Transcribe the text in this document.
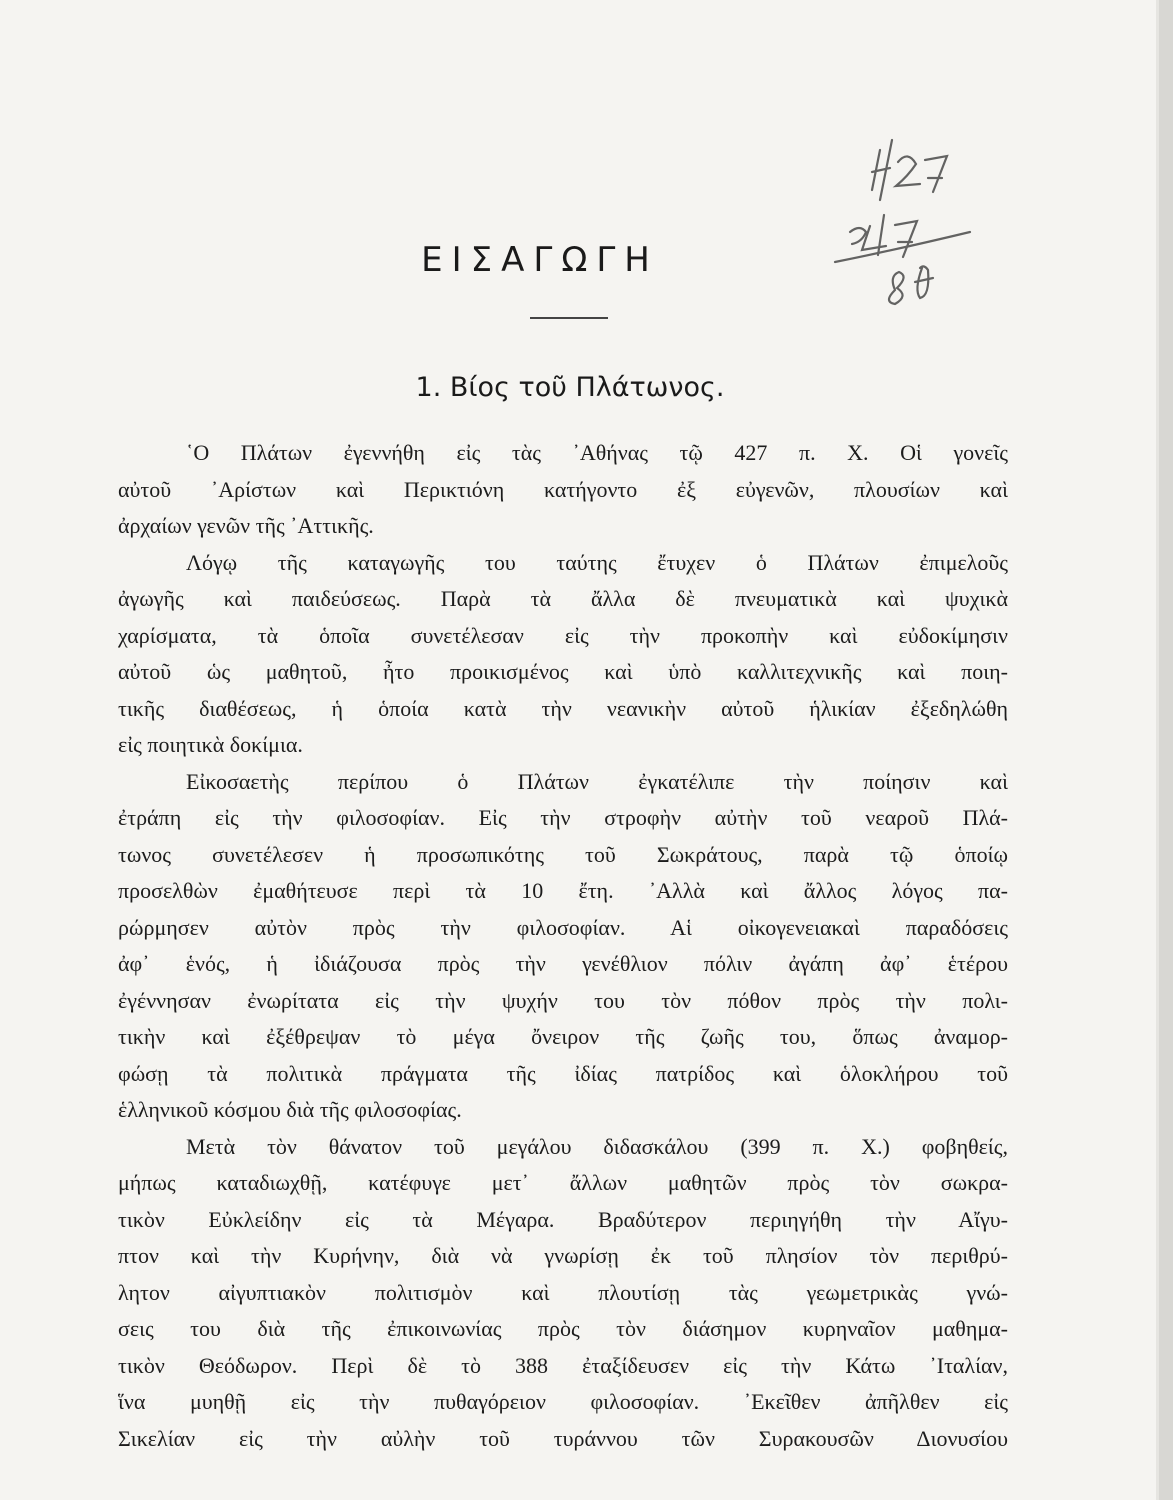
ΕΙΣΑΓΩΓΗ
1. Βίος τοῦ Πλάτωνος.
῾Ο Πλάτων ἐγεννήθη εἰς τὰς ᾿Αθήνας τῷ 427 π. Χ. Οἱ γονεῖς
αὐτοῦ ᾿Αρίστων καὶ Περικτιόνη κατήγοντο ἐξ εὐγενῶν, πλουσίων καὶ
ἀρχαίων γενῶν τῆς ᾿Αττικῆς.
Λόγῳ τῆς καταγωγῆς του ταύτης ἔτυχεν ὁ Πλάτων ἐπιμελοῦς
ἀγωγῆς καὶ παιδεύσεως. Παρὰ τὰ ἄλλα δὲ πνευματικὰ καὶ ψυχικὰ
χαρίσματα, τὰ ὁποῖα συνετέλεσαν εἰς τὴν προκοπὴν καὶ εὐδοκίμησιν
αὐτοῦ ὡς μαθητοῦ, ἦτο προικισμένος καὶ ὑπὸ καλλιτεχνικῆς καὶ ποιη-
τικῆς διαθέσεως, ἡ ὁποία κατὰ τὴν νεανικὴν αὐτοῦ ἡλικίαν ἐξεδηλώθη
εἰς ποιητικὰ δοκίμια.
Εἰκοσαετὴς περίπου ὁ Πλάτων ἐγκατέλιπε τὴν ποίησιν καὶ
ἐτράπη εἰς τὴν φιλοσοφίαν. Εἰς τὴν στροφὴν αὐτὴν τοῦ νεαροῦ Πλά-
τωνος συνετέλεσεν ἡ προσωπικότης τοῦ Σωκράτους, παρὰ τῷ ὁποίῳ
προσελθὼν ἐμαθήτευσε περὶ τὰ 10 ἔτη. ᾿Αλλὰ καὶ ἄλλος λόγος πα-
ρώρμησεν αὐτὸν πρὸς τὴν φιλοσοφίαν. Αἱ οἰκογενειακαὶ παραδόσεις
ἀφ᾿ ἑνός, ἡ ἰδιάζουσα πρὸς τὴν γενέθλιον πόλιν ἀγάπη ἀφ᾿ ἑτέρου
ἐγέννησαν ἐνωρίτατα εἰς τὴν ψυχήν του τὸν πόθον πρὸς τὴν πολι-
τικὴν καὶ ἐξέθρεψαν τὸ μέγα ὄνειρον τῆς ζωῆς του, ὅπως ἀναμορ-
φώσῃ τὰ πολιτικὰ πράγματα τῆς ἰδίας πατρίδος καὶ ὁλοκλήρου τοῦ
ἑλληνικοῦ κόσμου διὰ τῆς φιλοσοφίας.
Μετὰ τὸν θάνατον τοῦ μεγάλου διδασκάλου (399 π. Χ.) φοβηθείς,
μήπως καταδιωχθῇ, κατέφυγε μετ᾿ ἄλλων μαθητῶν πρὸς τὸν σωκρα-
τικὸν Εὐκλείδην εἰς τὰ Μέγαρα. Βραδύτερον περιηγήθη τὴν Αἴγυ-
πτον καὶ τὴν Κυρήνην, διὰ νὰ γνωρίσῃ ἐκ τοῦ πλησίον τὸν περιθρύ-
λητον αἰγυπτιακὸν πολιτισμὸν καὶ πλουτίσῃ τὰς γεωμετρικὰς γνώ-
σεις του διὰ τῆς ἐπικοινωνίας πρὸς τὸν διάσημον κυρηναῖον μαθημα-
τικὸν Θεόδωρον. Περὶ δὲ τὸ 388 ἐταξίδευσεν εἰς τὴν Κάτω ᾿Ιταλίαν,
ἵνα μυηθῇ εἰς τὴν πυθαγόρειον φιλοσοφίαν. ᾿Εκεῖθεν ἀπῆλθεν εἰς
Σικελίαν εἰς τὴν αὐλὴν τοῦ τυράννου τῶν Συρακουσῶν Διονυσίου
